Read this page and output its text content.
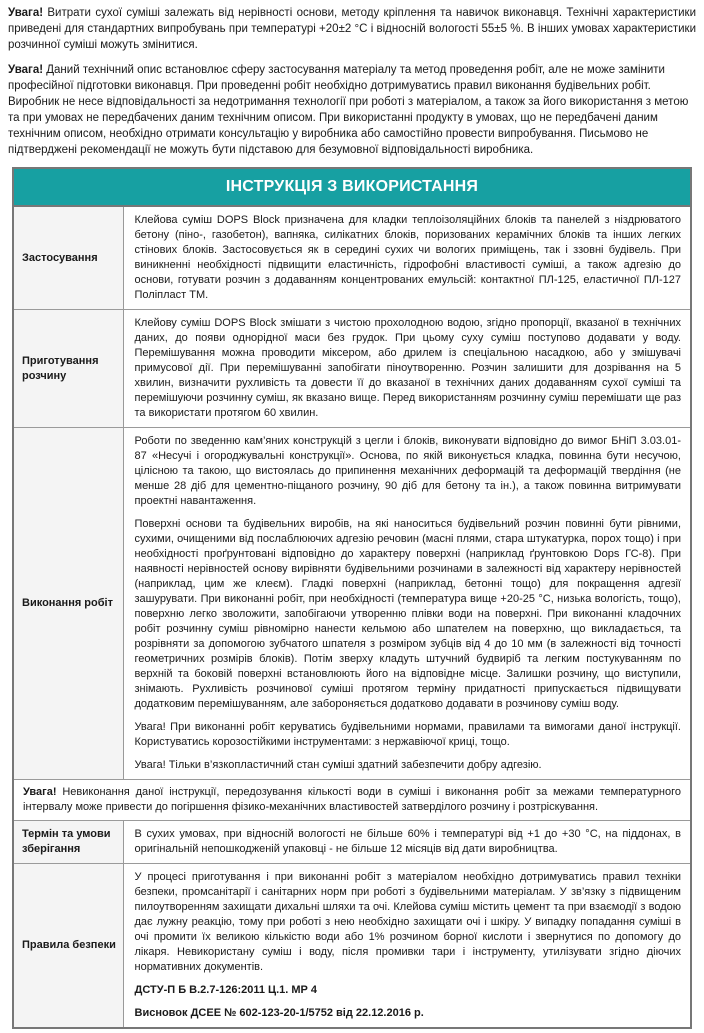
Увага! Витрати сухої суміші залежать від нерівності основи, методу кріплення та навичок виконавця. Технічні характеристики приведені для стандартних випробувань при температурі +20±2 °С і відносній вологості 55±5 %. В інших умовах характеристики розчинної суміші можуть змінитися.

Увага! Даний технічний опис встановлює сферу застосування матеріалу та метод проведення робіт, але не може замінити професійної підготовки виконавця. При проведенні робіт необхідно дотримуватись правил виконання будівельних робіт. Виробник не несе відповідальності за недотримання технології при роботі з матеріалом, а також за його використання з метою та при умовах не передбачених даним технічним описом. При використанні продукту в умовах, що не передбачені даним технічним описом, необхідно отримати консультацію у виробника або самостійно провести випробування. Письмово не підтверджені рекомендації не можуть бути підставою для безумовної відповідальності виробника.

ІНСТРУКЦІЯ З ВИКОРИСТАННЯ	
Застосування	Клейова суміш DOPS Block призначена для кладки теплоізоляційних блоків та панелей з ніздрюватого бетону (піно-, газобетон), вапняка, силікатних блоків, поризованих керамічних блоків та інших легких стінових блоків. Застосовується як в середині сухих чи вологих приміщень, так і ззовні будівель. При виникненні необхідності підвищити еластичність, гідрофобні властивості суміші, а також адгезію до основи, готувати розчин з додаванням концентрованих емульсій: контактної ПЛ-125, еластичної ПЛ-127 Поліпласт ТМ.

Приготування розчину	Клейову суміш DOPS Block змішати з чистою прохолодною водою, згідно пропорції, вказаної в технічних даних, до появи однорідної маси без грудок. При цьому суху суміш поступово додавати у воду. Перемішування можна проводити міксером, або дрилем із спеціальною насадкою, або у змішувачі примусової дії. При перемішуванні запобігати піноутворенню. Розчин залишити для дозрівання на 5 хвилин, визначити рухливість та довести її до вказаної в технічних даних додаванням сухої суміші та перемішуючи розчинну суміш, як вказано вище. Перед використанням розчинну суміш перемішати ще раз та використати протягом 60 хвилин.

Виконання робіт	Роботи по зведенню кам’яних конструкцій з цегли і блоків, виконувати відповідно до вимог БНіП 3.03.01-87 «Несучі і огороджувальні конструкції». Основа, по якій виконується кладка, повинна бути несучою, цілісною та такою, що вистоялась до припинення механічних деформацій та деформацій твердіння (не менше 28 діб для цементно-піщаного розчину, 90 діб для бетону та ін.), а також повинна витримувати проектні навантаження.

Поверхні основи та будівельних виробів, на які наноситься будівельний розчин повинні бути рівними, сухими, очищеними від послаблюючих адгезію речовин (масні плями, стара штукатурка, порох тощо) і при необхідності проґрунтовані відповідно до характеру поверхні (наприклад ґрунтовкою Dops ГС-8). При наявності нерівностей основу вирівняти будівельними розчинами в залежності від характеру нерівностей (наприклад, цим же клеєм). Гладкі поверхні (наприклад, бетонні тощо) для покращення адгезії зашурувати. При виконанні робіт, при необхідності (температура вище +20-25 °С, низька вологість, тощо), поверхню легко зволожити, запобігаючи утворенню плівки води на поверхні. При виконанні кладочних робіт розчинну суміш рівномірно нанести кельмою або шпателем на поверхню, що викладається, та розрівняти за допомогою зубчатого шпателя з розміром зубців від 4 до 10 мм (в залежності від точності геометричних розмірів блоків). Потім зверху кладуть штучний будвиріб та легким постукуванням по верхній та боковій поверхні встановлюють його на відповідне місце. Залишки розчину, що виступили, знімають. Рухливість розчинової суміші протягом терміну придатності припускається підвищувати додатковим перемішуванням, але забороняється додатково додавати в розчинову суміш воду.

Увага! При виконанні робіт керуватись будівельними нормами, правилами та вимогами даної інструкції. Користуватись корозостійкими інструментами: з нержавіючої криці, тощо.

Увага! Тільки в’язкопластичний стан суміші здатний забезпечити добру адгезію.

Увага! Невиконання даної інструкції, передозування кількості води в суміші і виконання робіт за межами температурного інтервалу може привести до погіршення фізико-механічних властивостей затверділого розчину і розтріскування.	
Термін та умови зберігання	В сухих умовах, при відносній вологості не більше 60% і температурі від +1 до +30 °С, на піддонах, в оригінальній непошкодженій упаковці - не більше 12 місяців від дати виробництва.

Правила безпеки	У процесі приготування і при виконанні робіт з матеріалом необхідно дотримуватись правил техніки безпеки, промсанітарії і санітарних норм при роботі з будівельними матеріалам. У зв’язку з підвищеним пилоутворенням захищати дихальні шляхи та очі. Клейова суміш містить цемент та при взаємодії з водою дає лужну реакцію, тому при роботі з нею необхідно захищати очі і шкіру. У випадку попадання суміші в очі промити їх великою кількістю води або 1% розчином борної кислоти і звернутися по допомогу до лікаря. Невикористану суміш і воду, після промивки тари і інструменту, утилізувати згідно діючих нормативних документів.

ДСТУ-П Б В.2.7-126:2011 Ц.1. МР 4

Висновок ДСЕЕ № 602-123-20-1/5752 від 22.12.2016 р.
